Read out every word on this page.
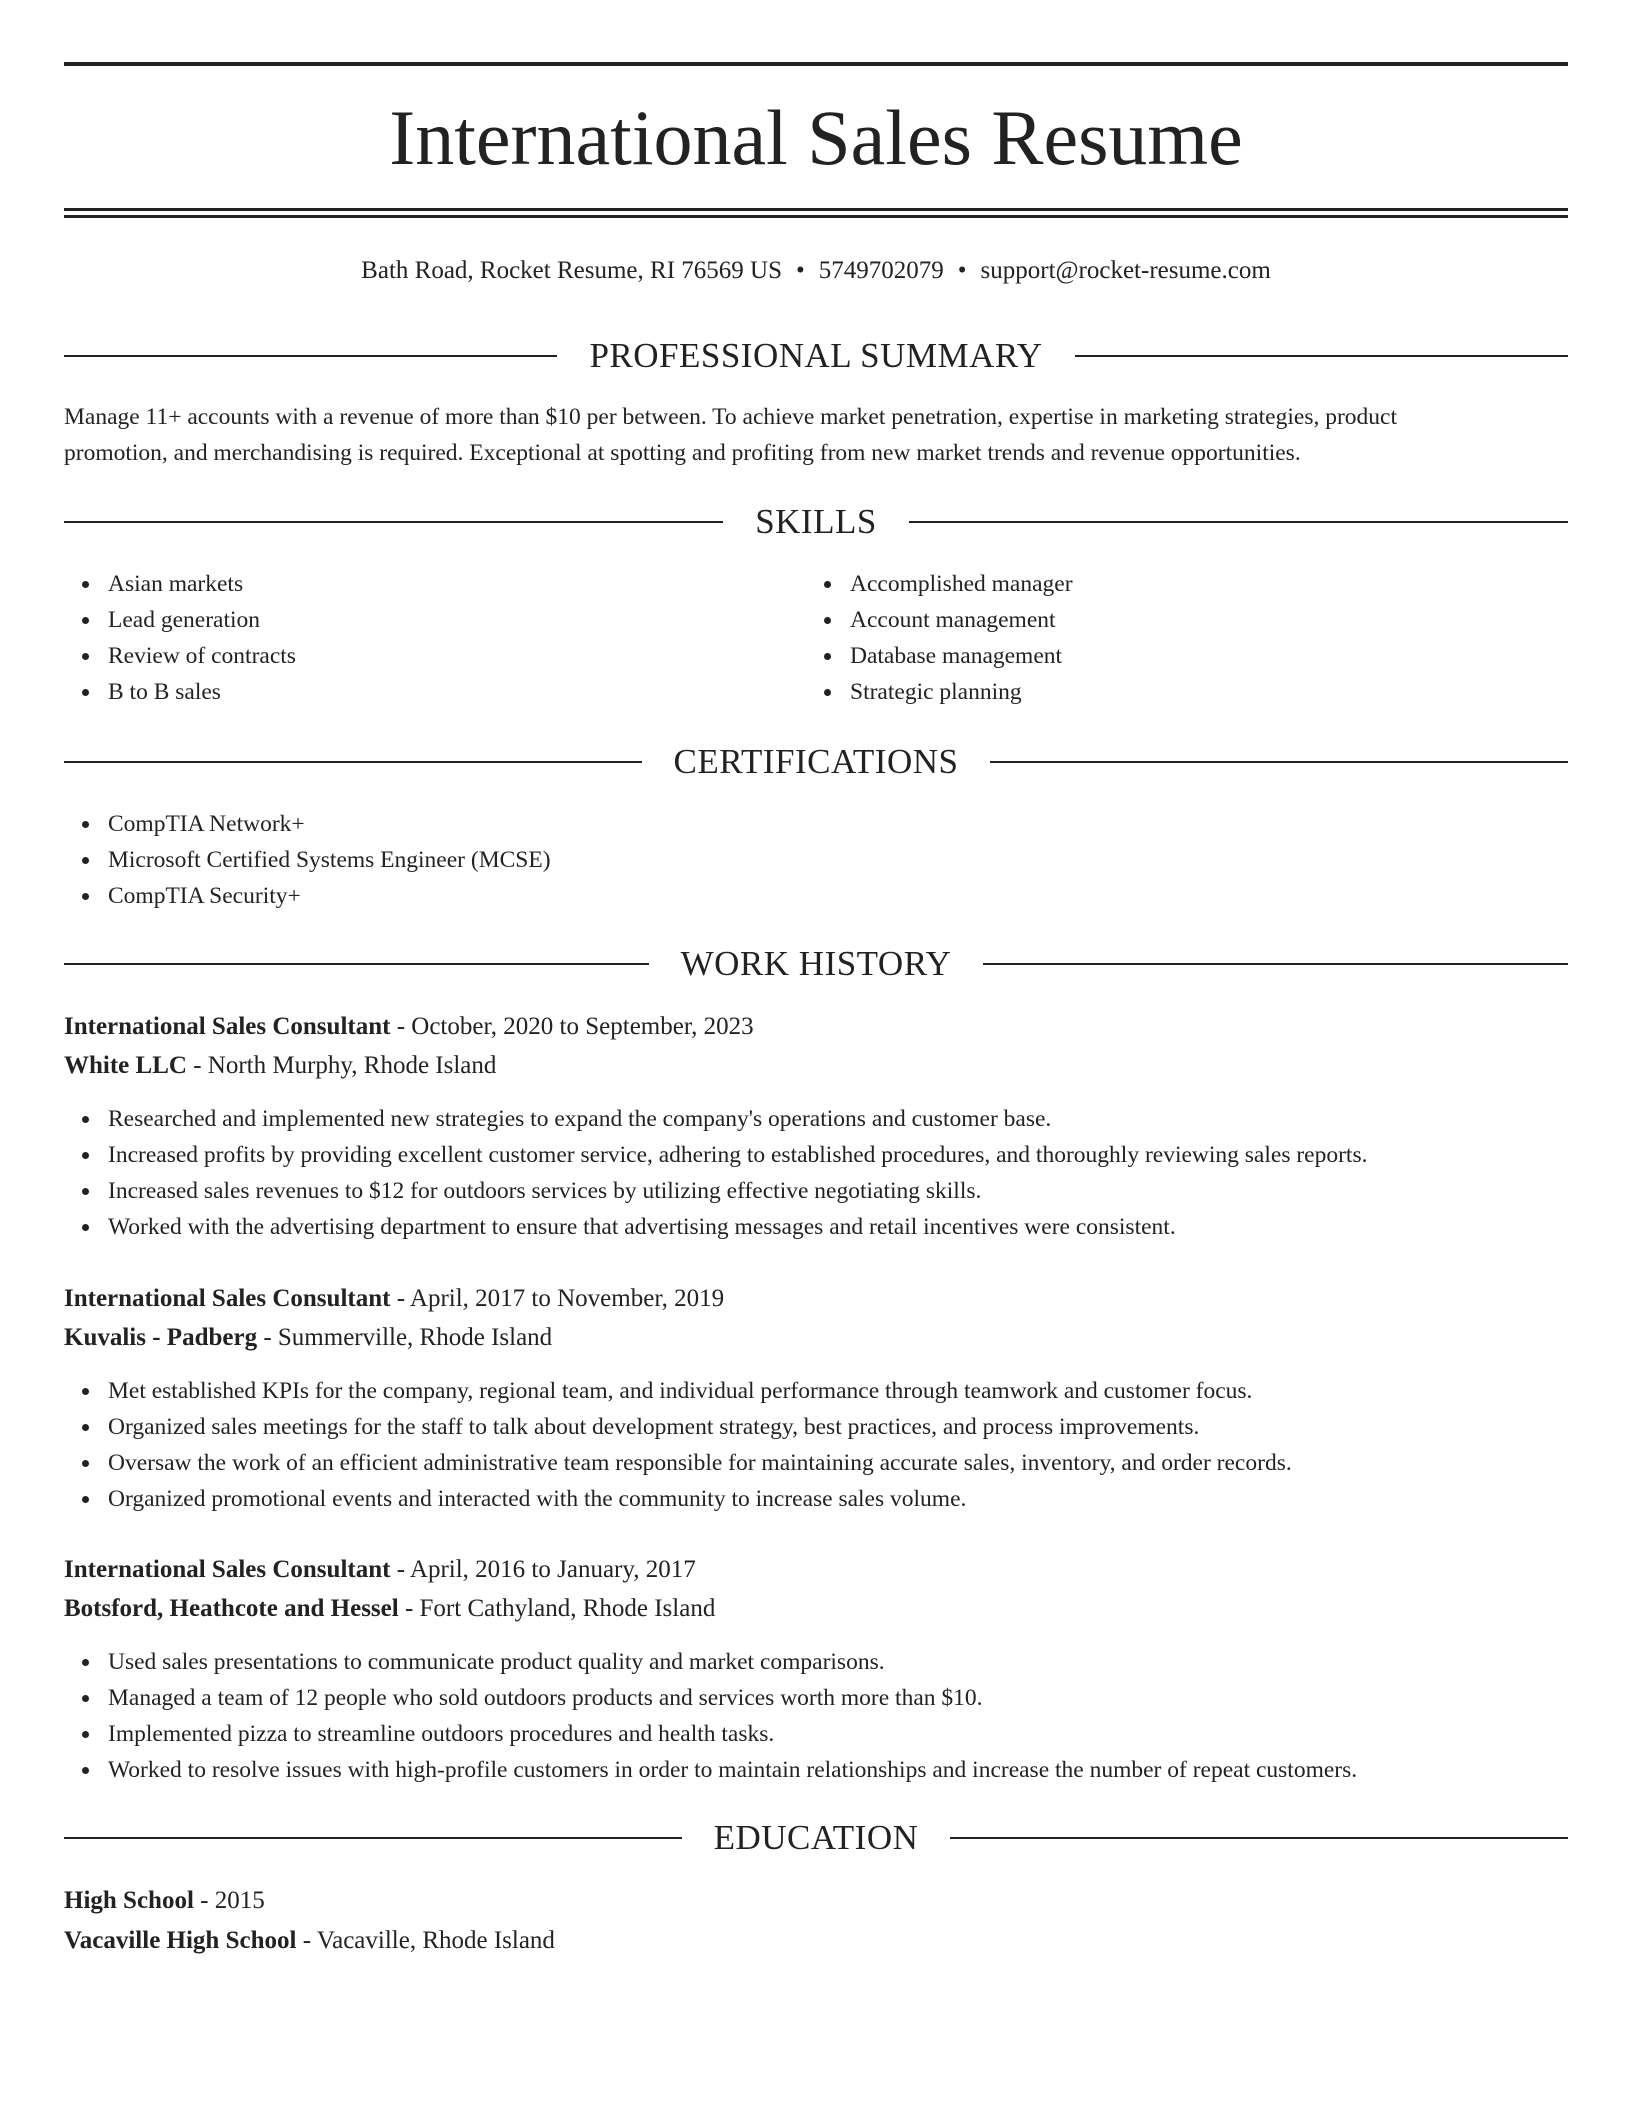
International Sales Resume
Bath Road, Rocket Resume, RI 76569 US • 5749702079 • support@rocket-resume.com
PROFESSIONAL SUMMARY

Manage 11+ accounts with a revenue of more than $10 per between. To achieve market penetration, expertise in marketing strategies, product

promotion, and merchandising is required. Exceptional at spotting and profiting from new market trends and revenue opportunities.

SKILLS
Asian markets
Lead generation
Review of contracts
B to B sales
Accomplished manager
Account management
Database management
Strategic planning
CERTIFICATIONS
CompTIA Network+
Microsoft Certified Systems Engineer (MCSE)
CompTIA Security+
WORK HISTORY
International Sales Consultant - October, 2020 to September, 2023
White LLC - North Murphy, Rhode Island
Researched and implemented new strategies to expand the company's operations and customer base.
Increased profits by providing excellent customer service, adhering to established procedures, and thoroughly reviewing sales reports.
Increased sales revenues to $12 for outdoors services by utilizing effective negotiating skills.
Worked with the advertising department to ensure that advertising messages and retail incentives were consistent.
International Sales Consultant - April, 2017 to November, 2019
Kuvalis - Padberg - Summerville, Rhode Island
Met established KPIs for the company, regional team, and individual performance through teamwork and customer focus.
Organized sales meetings for the staff to talk about development strategy, best practices, and process improvements.
Oversaw the work of an efficient administrative team responsible for maintaining accurate sales, inventory, and order records.
Organized promotional events and interacted with the community to increase sales volume.
International Sales Consultant - April, 2016 to January, 2017
Botsford, Heathcote and Hessel - Fort Cathyland, Rhode Island
Used sales presentations to communicate product quality and market comparisons.
Managed a team of 12 people who sold outdoors products and services worth more than $10.
Implemented pizza to streamline outdoors procedures and health tasks.
Worked to resolve issues with high-profile customers in order to maintain relationships and increase the number of repeat customers.
EDUCATION
High School - 2015
Vacaville High School - Vacaville, Rhode Island
